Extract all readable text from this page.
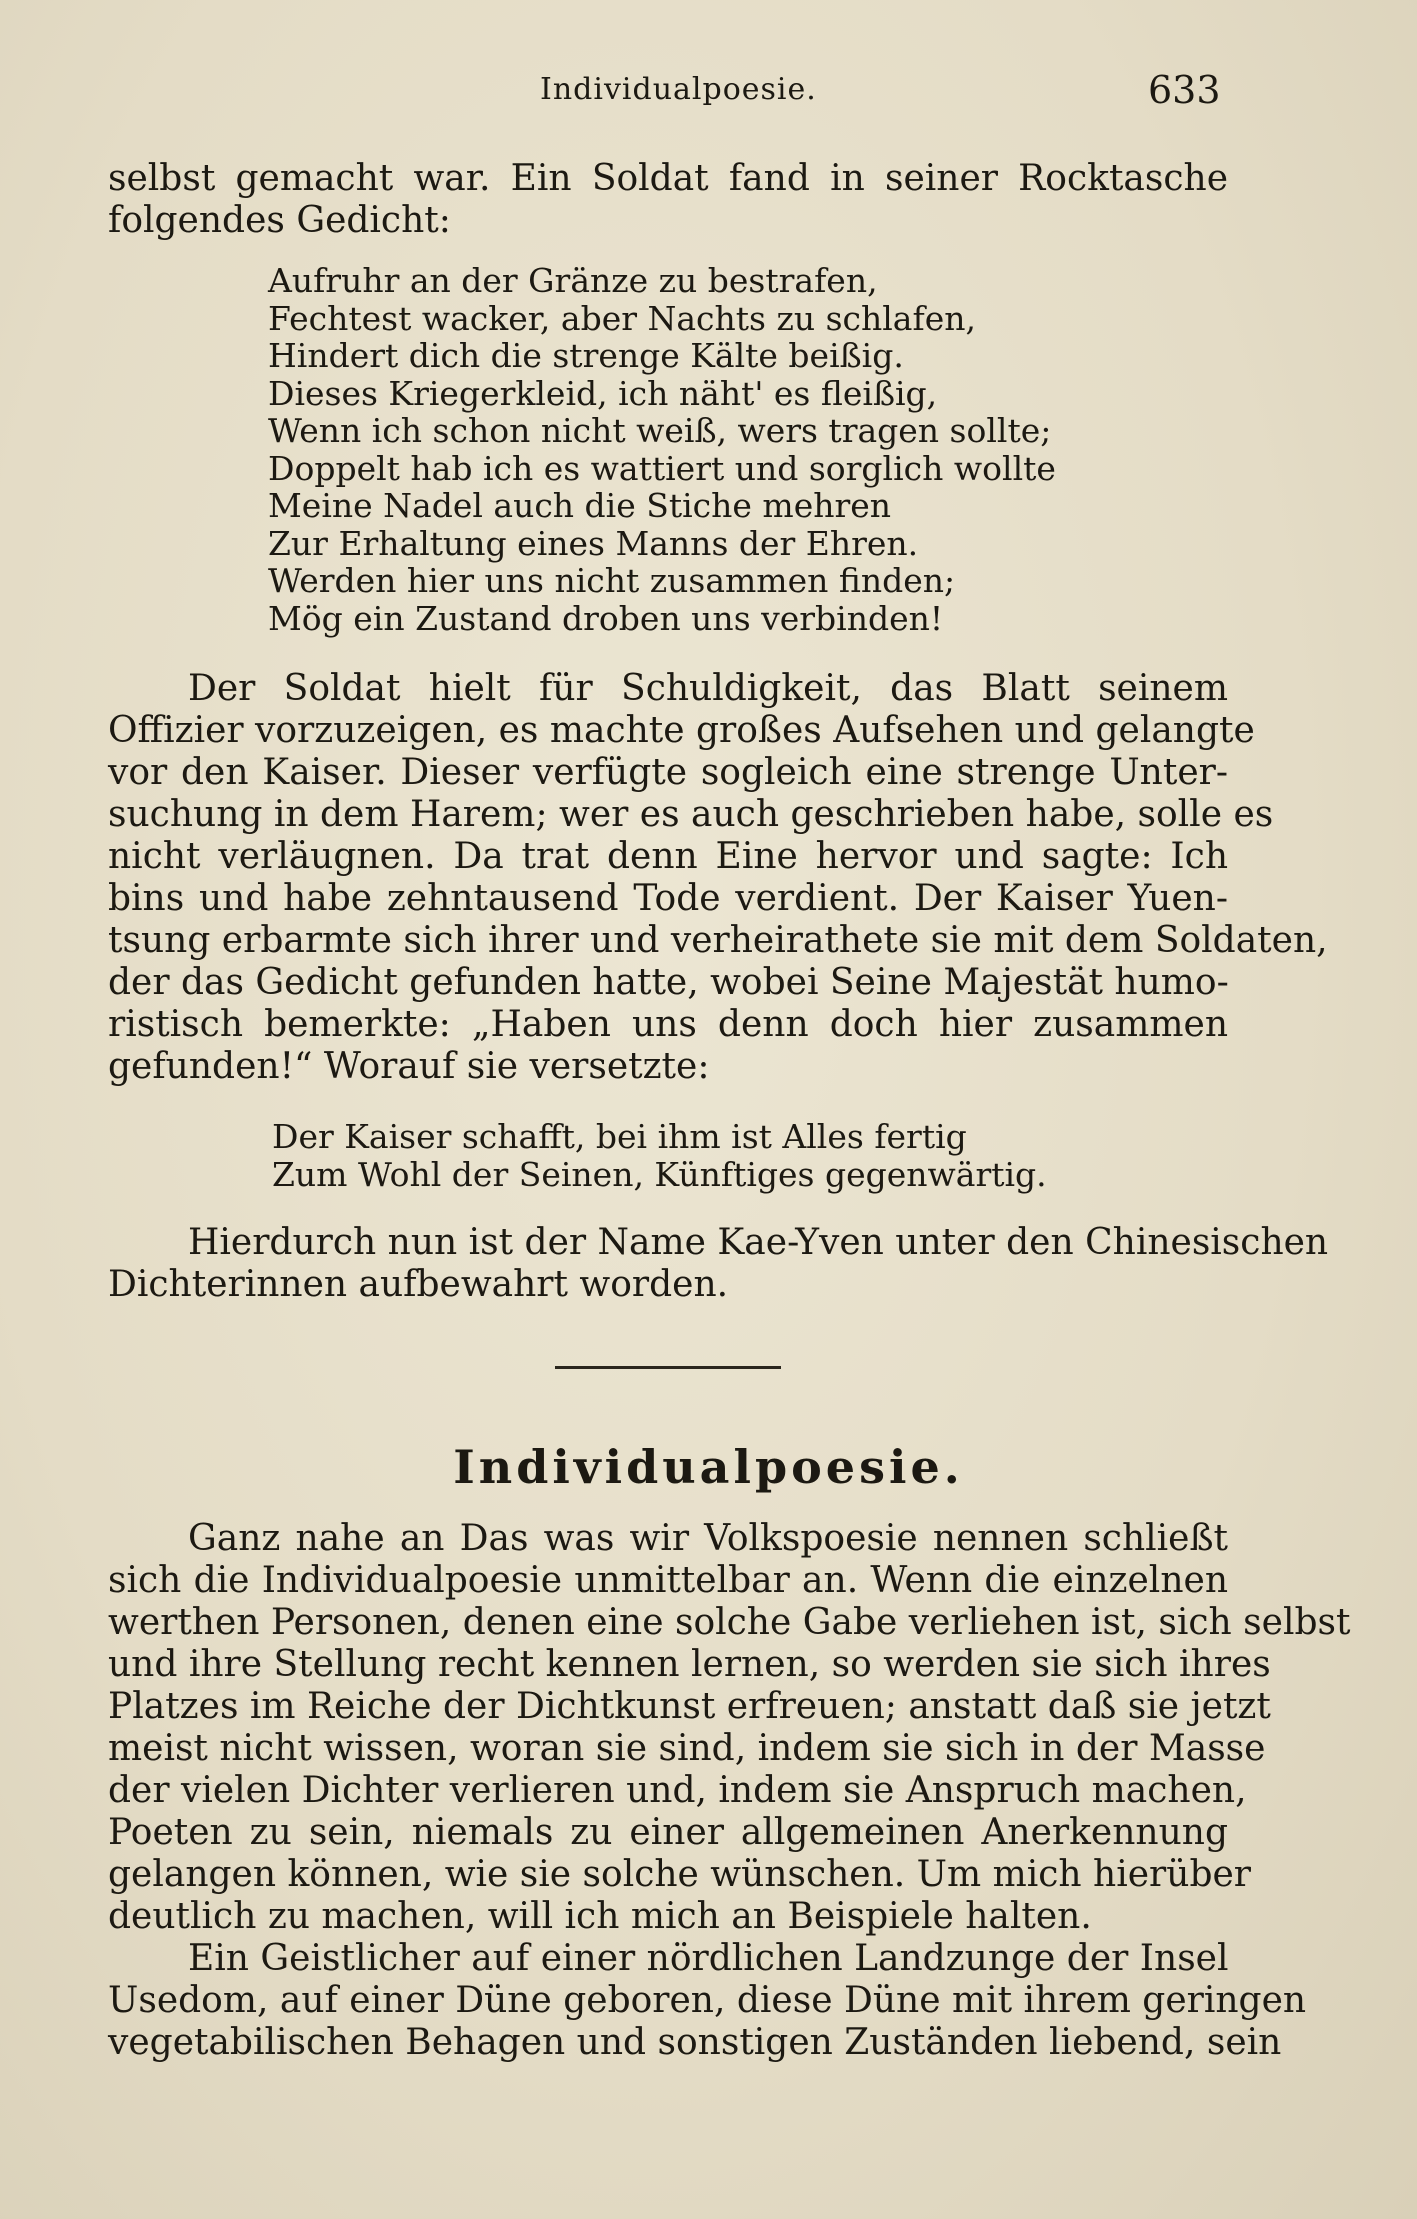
Individualpoesie.	633
selbst gemacht war. Ein Soldat fand in seiner Rocktasche
folgendes Gedicht:
Aufruhr an der Gränze zu bestrafen,
Fechtest wacker, aber Nachts zu schlafen,
Hindert dich die strenge Kälte beißig.
Dieses Kriegerkleid, ich näht' es fleißig,
Wenn ich schon nicht weiß, wers tragen sollte;
Doppelt hab ich es wattiert und sorglich wollte
Meine Nadel auch die Stiche mehren
Zur Erhaltung eines Manns der Ehren.
Werden hier uns nicht zusammen finden;
Mög ein Zustand droben uns verbinden!
Der Soldat hielt für Schuldigkeit, das Blatt seinem
Offizier vorzuzeigen, es machte großes Aufsehen und gelangte
vor den Kaiser. Dieser verfügte sogleich eine strenge Unter-
suchung in dem Harem; wer es auch geschrieben habe, solle es
nicht verläugnen. Da trat denn Eine hervor und sagte: Ich
bins und habe zehntausend Tode verdient. Der Kaiser Yuen-
tsung erbarmte sich ihrer und verheirathete sie mit dem Soldaten,
der das Gedicht gefunden hatte, wobei Seine Majestät humo-
ristisch bemerkte: „Haben uns denn doch hier zusammen
gefunden!“ Worauf sie versetzte:
Der Kaiser schafft, bei ihm ist Alles fertig
Zum Wohl der Seinen, Künftiges gegenwärtig.
Hierdurch nun ist der Name Kae-Yven unter den Chinesischen
Dichterinnen aufbewahrt worden.
Individualpoesie.
Ganz nahe an Das was wir Volkspoesie nennen schließt
sich die Individualpoesie unmittelbar an. Wenn die einzelnen
werthen Personen, denen eine solche Gabe verliehen ist, sich selbst
und ihre Stellung recht kennen lernen, so werden sie sich ihres
Platzes im Reiche der Dichtkunst erfreuen; anstatt daß sie jetzt
meist nicht wissen, woran sie sind, indem sie sich in der Masse
der vielen Dichter verlieren und, indem sie Anspruch machen,
Poeten zu sein, niemals zu einer allgemeinen Anerkennung
gelangen können, wie sie solche wünschen. Um mich hierüber
deutlich zu machen, will ich mich an Beispiele halten.
Ein Geistlicher auf einer nördlichen Landzunge der Insel
Usedom, auf einer Düne geboren, diese Düne mit ihrem geringen
vegetabilischen Behagen und sonstigen Zuständen liebend, sein
